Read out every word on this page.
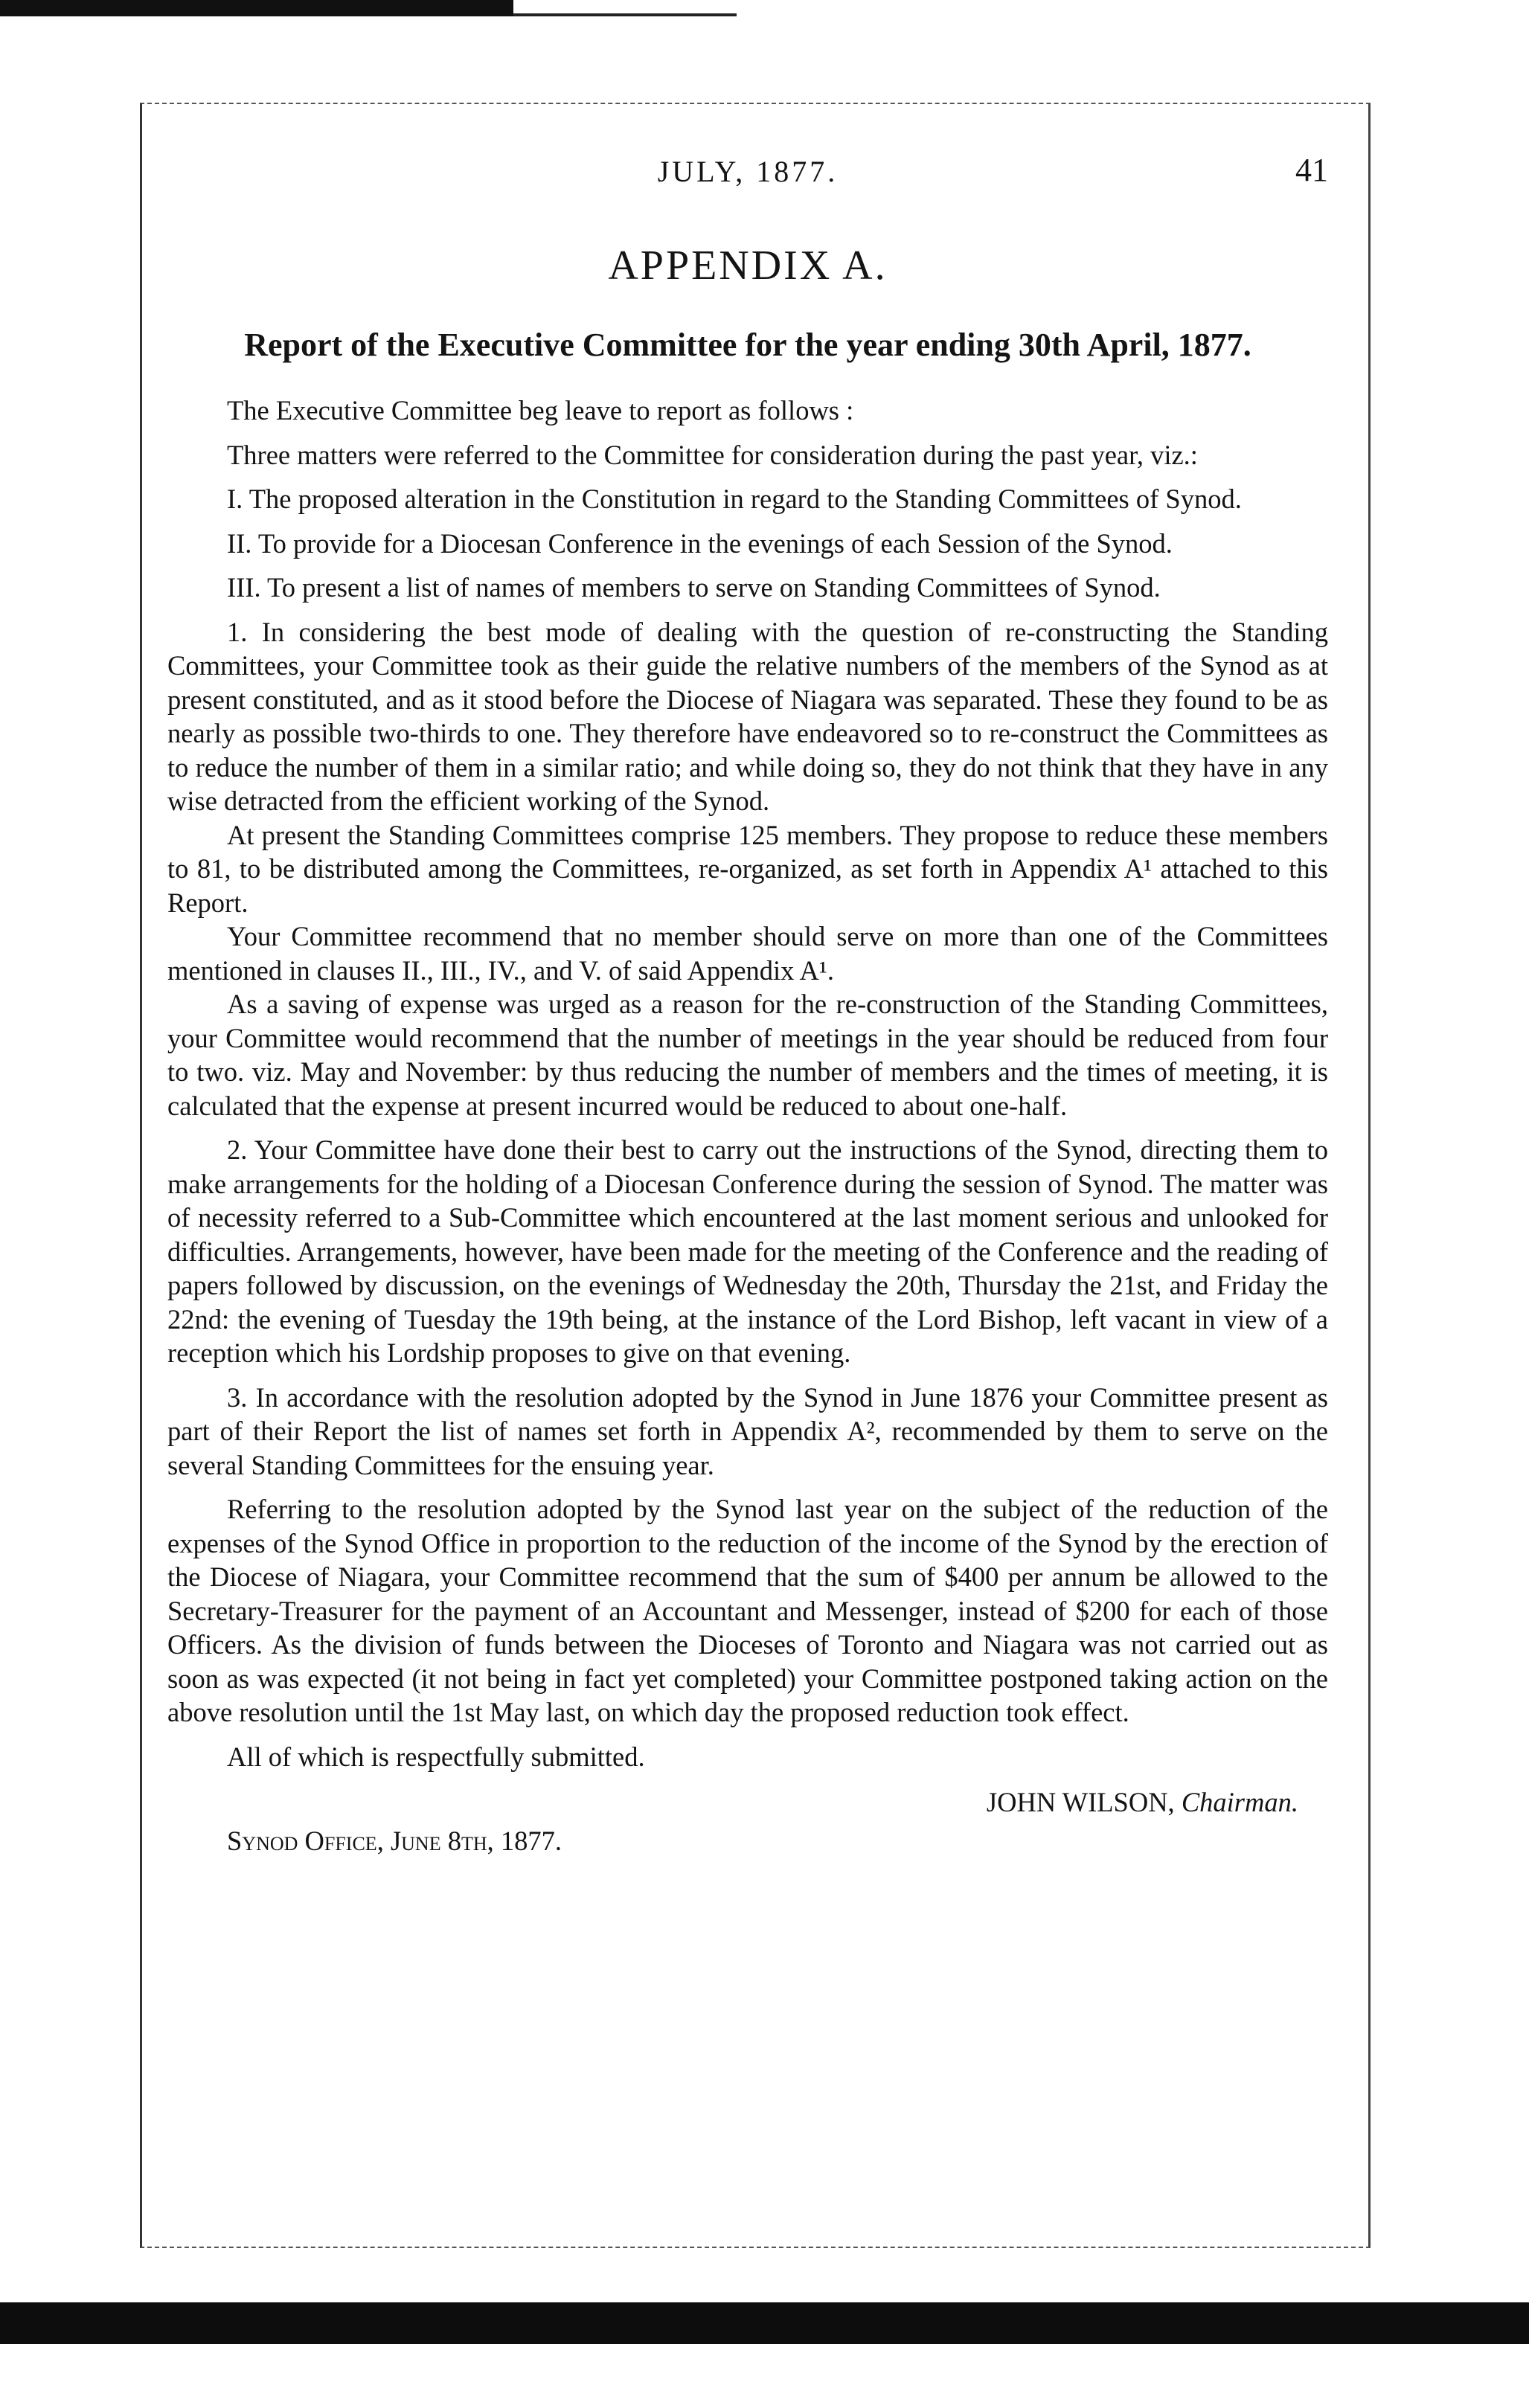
JULY, 1877.	41
APPENDIX A.
Report of the Executive Committee for the year ending 30th April, 1877.

The Executive Committee beg leave to report as follows :

Three matters were referred to the Committee for consideration during the past year, viz.:

I. The proposed alteration in the Constitution in regard to the Standing Committees of Synod.

II. To provide for a Diocesan Conference in the evenings of each Session of the Synod.

III. To present a list of names of members to serve on Standing Committees of Synod.

1. In considering the best mode of dealing with the question of re-constructing the Standing Committees, your Committee took as their guide the relative numbers of the members of the Synod as at present constituted, and as it stood before the Diocese of Niagara was separated. These they found to be as nearly as possible two-thirds to one. They therefore have endeavored so to re-construct the Committees as to reduce the number of them in a similar ratio; and while doing so, they do not think that they have in any wise detracted from the efficient working of the Synod.

At present the Standing Committees comprise 125 members. They propose to reduce these members to 81, to be distributed among the Committees, re-organized, as set forth in Appendix A¹ attached to this Report.

Your Committee recommend that no member should serve on more than one of the Committees mentioned in clauses II., III., IV., and V. of said Appendix A¹.

As a saving of expense was urged as a reason for the re-construction of the Standing Committees, your Committee would recommend that the number of meetings in the year should be reduced from four to two. viz. May and November: by thus reducing the number of members and the times of meeting, it is calculated that the expense at present incurred would be reduced to about one-half.

2. Your Committee have done their best to carry out the instructions of the Synod, directing them to make arrangements for the holding of a Diocesan Conference during the session of Synod. The matter was of necessity referred to a Sub-Committee which encountered at the last moment serious and unlooked for difficulties. Arrangements, however, have been made for the meeting of the Conference and the reading of papers followed by discussion, on the evenings of Wednesday the 20th, Thursday the 21st, and Friday the 22nd: the evening of Tuesday the 19th being, at the instance of the Lord Bishop, left vacant in view of a reception which his Lordship proposes to give on that evening.

3. In accordance with the resolution adopted by the Synod in June 1876 your Committee present as part of their Report the list of names set forth in Appendix A², recommended by them to serve on the several Standing Committees for the ensuing year.

Referring to the resolution adopted by the Synod last year on the subject of the reduction of the expenses of the Synod Office in proportion to the reduction of the income of the Synod by the erection of the Diocese of Niagara, your Committee recommend that the sum of $400 per annum be allowed to the Secretary-Treasurer for the payment of an Accountant and Messenger, instead of $200 for each of those Officers. As the division of funds between the Dioceses of Toronto and Niagara was not carried out as soon as was expected (it not being in fact yet completed) your Committee postponed taking action on the above resolution until the 1st May last, on which day the proposed reduction took effect.

All of which is respectfully submitted.

JOHN WILSON, Chairman.
Synod Office, June 8th, 1877.
